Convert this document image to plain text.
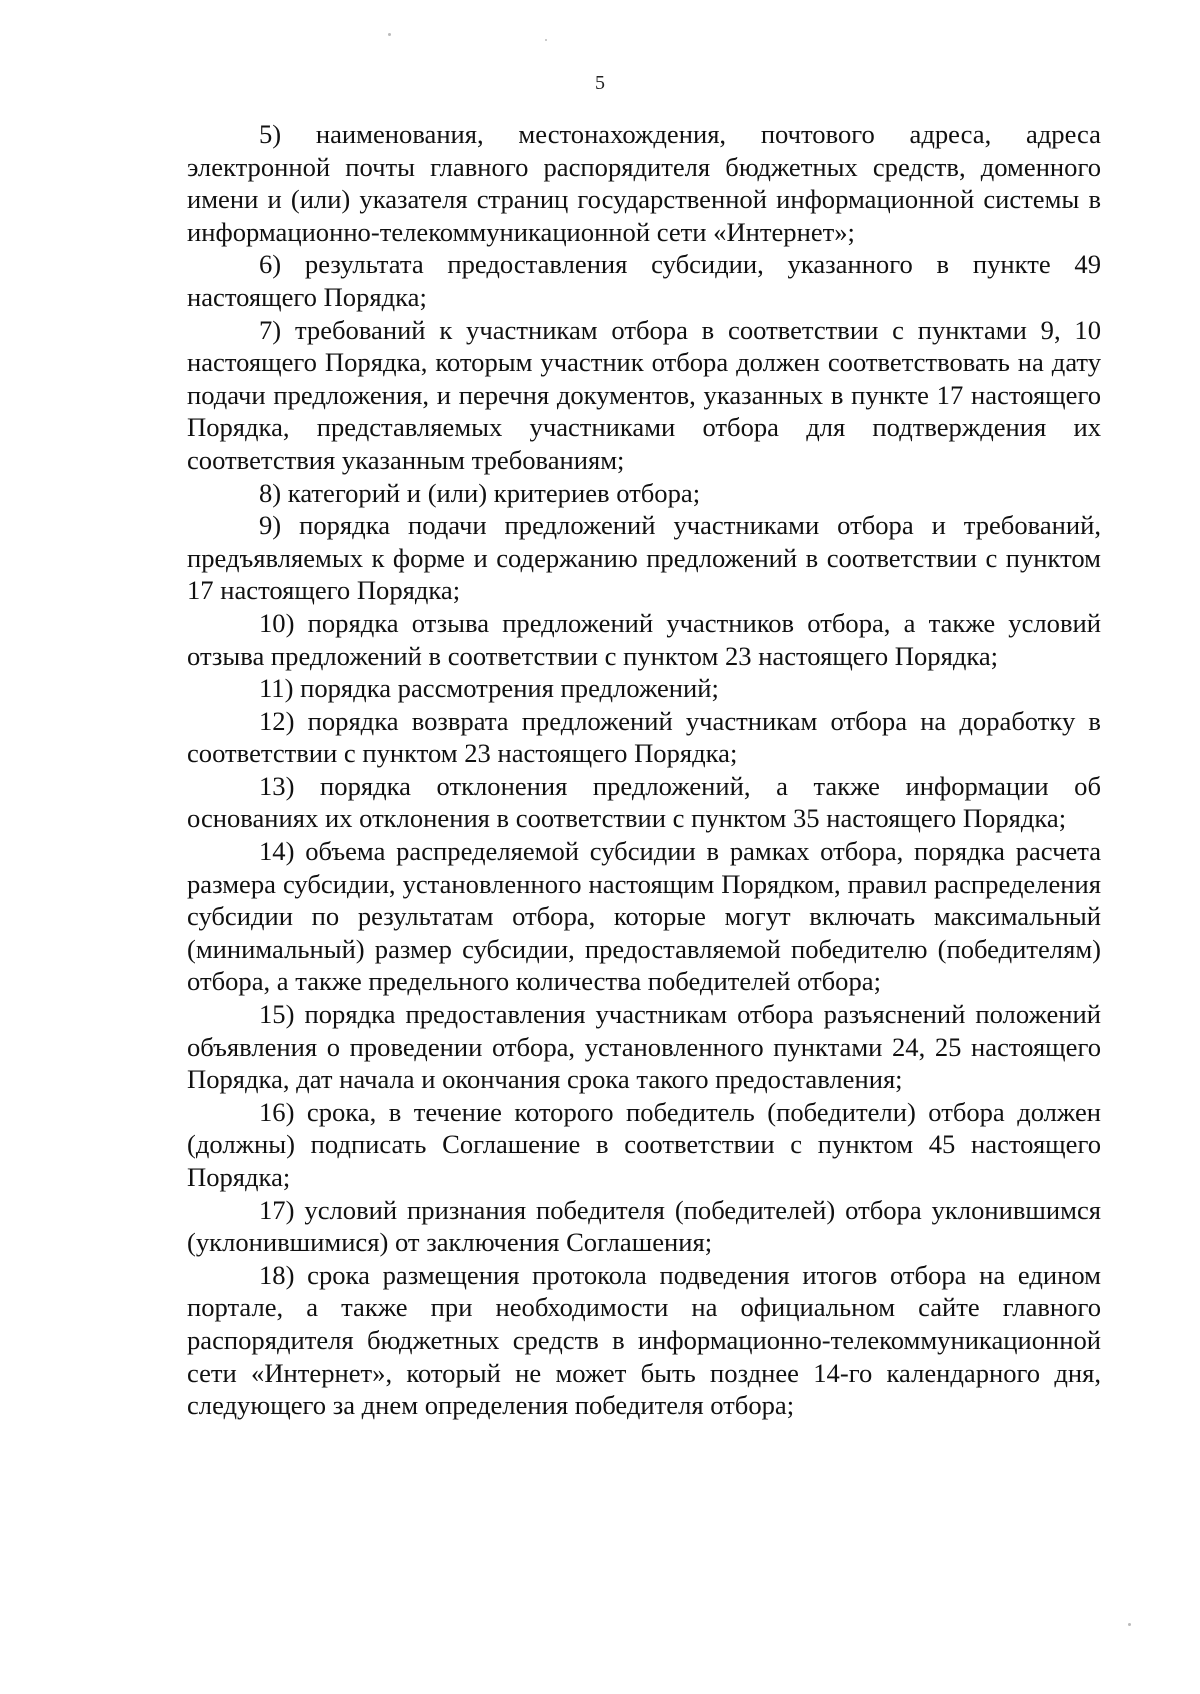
5

5) наименования, местонахождения, почтового адреса, адреса электронной почты главного распорядителя бюджетных средств, доменного имени и (или) указателя страниц государственной информационной системы в информационно-телекоммуникационной сети «Интернет»;

6) результата предоставления субсидии, указанного в пункте 49 настоящего Порядка;

7) требований к участникам отбора в соответствии с пунктами 9, 10 настоящего Порядка, которым участник отбора должен соответствовать на дату подачи предложения, и перечня документов, указанных в пункте 17 настоящего Порядка, представляемых участниками отбора для подтверждения их соответствия указанным требованиям;

8) категорий и (или) критериев отбора;

9) порядка подачи предложений участниками отбора и требований, предъявляемых к форме и содержанию предложений в соответствии с пунктом 17 настоящего Порядка;

10) порядка отзыва предложений участников отбора, а также условий отзыва предложений в соответствии с пунктом 23 настоящего Порядка;

11) порядка рассмотрения предложений;

12) порядка возврата предложений участникам отбора на доработку в соответствии с пунктом 23 настоящего Порядка;

13) порядка отклонения предложений, а также информации об основаниях их отклонения в соответствии с пунктом 35 настоящего Порядка;

14) объема распределяемой субсидии в рамках отбора, порядка расчета размера субсидии, установленного настоящим Порядком, правил распределения субсидии по результатам отбора, которые могут включать максимальный (минимальный) размер субсидии, предоставляемой победителю (победителям) отбора, а также предельного количества победителей отбора;

15) порядка предоставления участникам отбора разъяснений положений объявления о проведении отбора, установленного пунктами 24, 25 настоящего Порядка, дат начала и окончания срока такого предоставления;

16) срока, в течение которого победитель (победители) отбора должен (должны) подписать Соглашение в соответствии с пунктом 45 настоящего Порядка;

17) условий признания победителя (победителей) отбора уклонившимся (уклонившимися) от заключения Соглашения;

18) срока размещения протокола подведения итогов отбора на едином портале, а также при необходимости на официальном сайте главного распорядителя бюджетных средств в информационно-телекоммуникационной сети «Интернет», который не может быть позднее 14-го календарного дня, следующего за днем определения победителя отбора;
